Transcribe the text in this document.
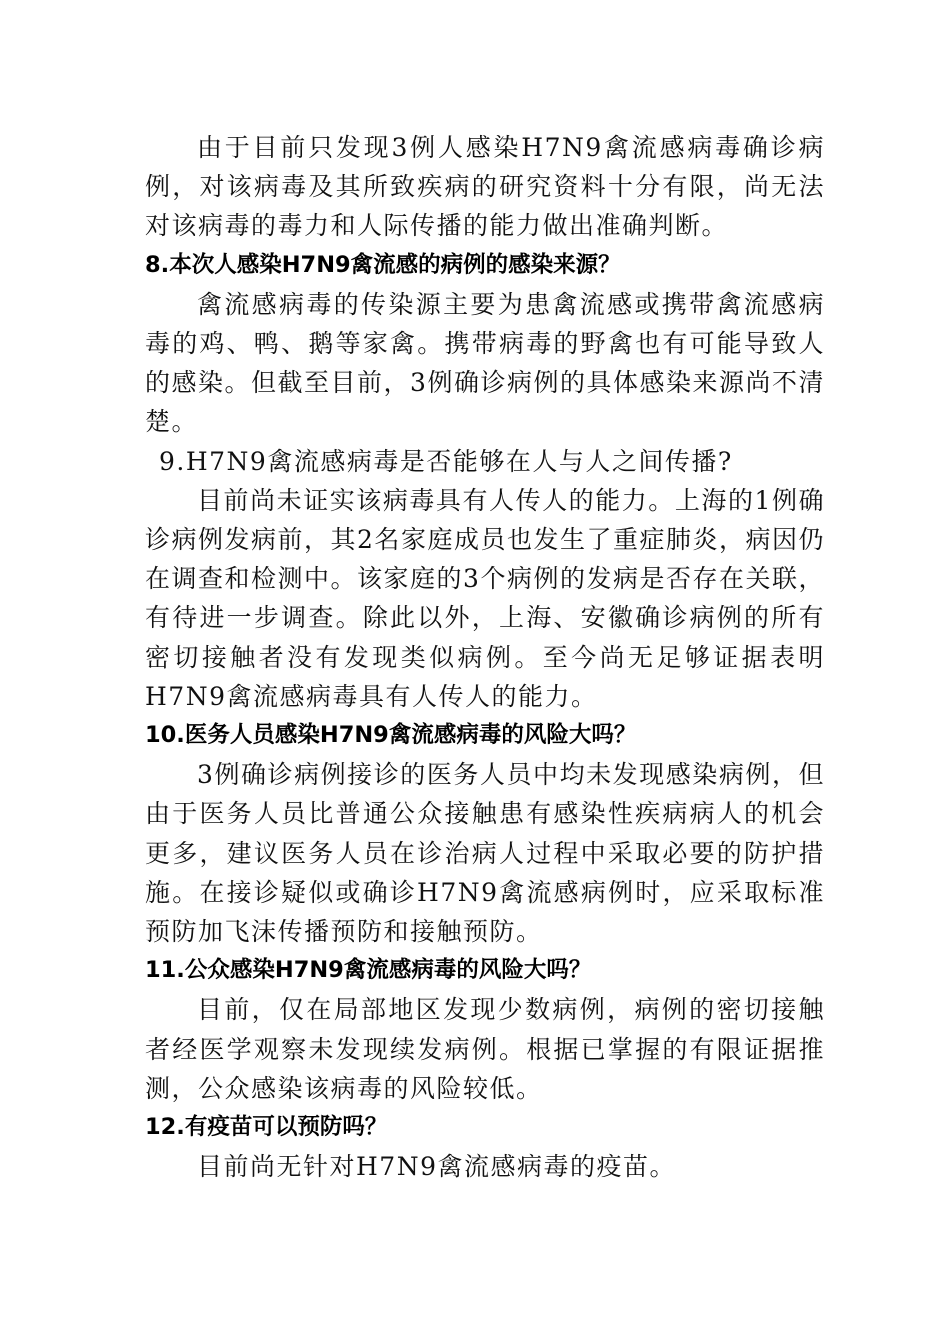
由于目前只发现3例人感染H7N9禽流感病毒确诊病例，对该病毒及其所致疾病的研究资料十分有限，尚无法对该病毒的毒力和人际传播的能力做出准确判断。

8.本次人感染H7N9禽流感的病例的感染来源？

禽流感病毒的传染源主要为患禽流感或携带禽流感病毒的鸡、鸭、鹅等家禽。携带病毒的野禽也有可能导致人的感染。但截至目前，3例确诊病例的具体感染来源尚不清楚。

9.H7N9禽流感病毒是否能够在人与人之间传播?

目前尚未证实该病毒具有人传人的能力。上海的1例确诊病例发病前，其2名家庭成员也发生了重症肺炎，病因仍在调查和检测中。该家庭的3个病例的发病是否存在关联，有待进一步调查。除此以外，上海、安徽确诊病例的所有密切接触者没有发现类似病例。至今尚无足够证据表明H7N9禽流感病毒具有人传人的能力。

10.医务人员感染H7N9禽流感病毒的风险大吗？

3例确诊病例接诊的医务人员中均未发现感染病例，但由于医务人员比普通公众接触患有感染性疾病病人的机会更多，建议医务人员在诊治病人过程中采取必要的防护措施。在接诊疑似或确诊H7N9禽流感病例时，应采取标准预防加飞沫传播预防和接触预防。

11.公众感染H7N9禽流感病毒的风险大吗？

目前，仅在局部地区发现少数病例，病例的密切接触者经医学观察未发现续发病例。根据已掌握的有限证据推测，公众感染该病毒的风险较低。

12.有疫苗可以预防吗？

目前尚无针对H7N9禽流感病毒的疫苗。
